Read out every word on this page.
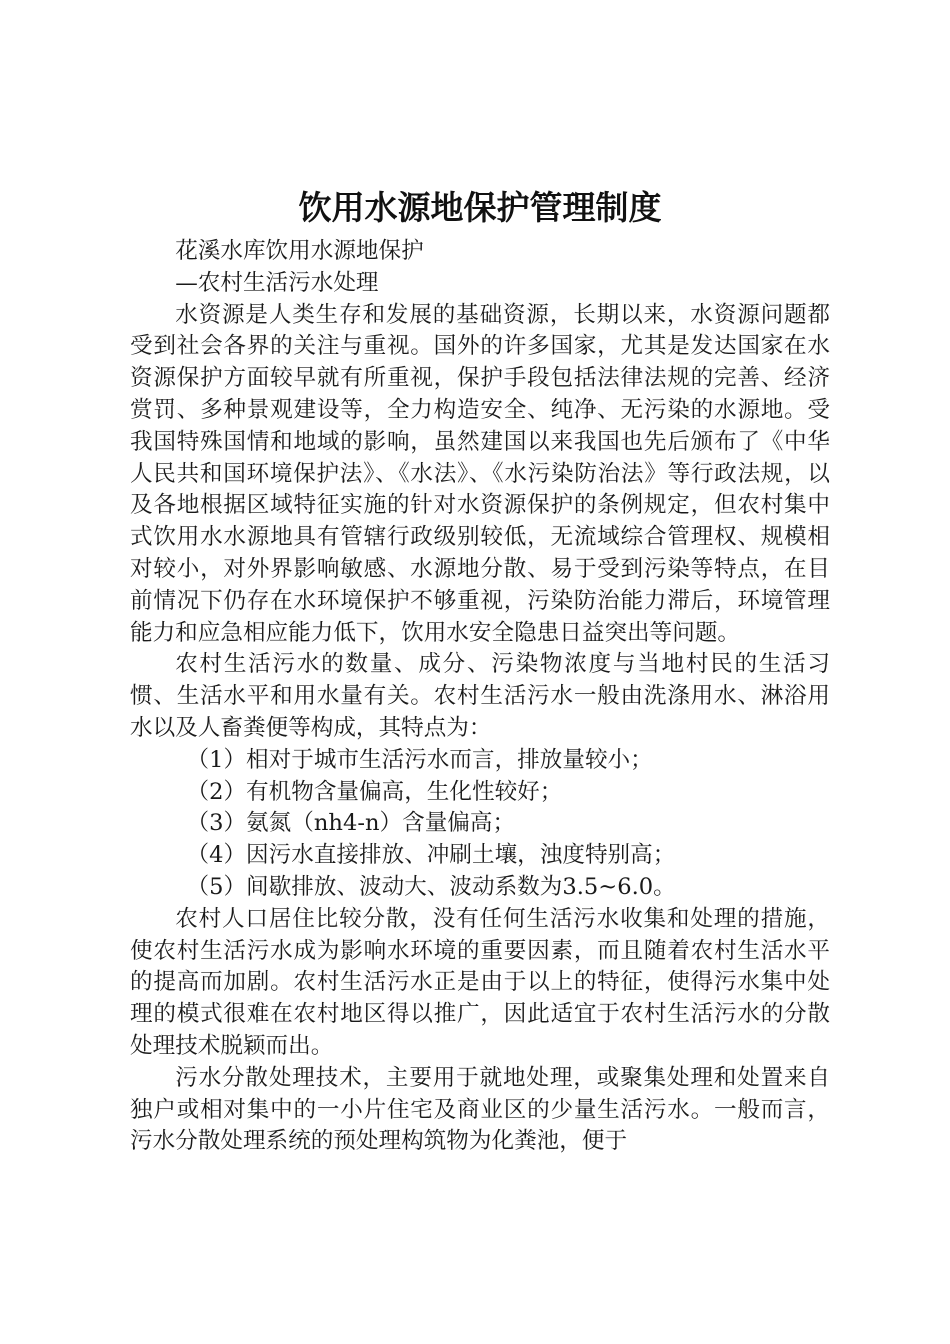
饮用水源地保护管理制度

花溪水库饮用水源地保护

—农村生活污水处理

水资源是人类生存和发展的基础资源，长期以来，水资源问题都受到社会各界的关注与重视。国外的许多国家，尤其是发达国家在水资源保护方面较早就有所重视，保护手段包括法律法规的完善、经济赏罚、多种景观建设等，全力构造安全、纯净、无污染的水源地。受我国特殊国情和地域的影响，虽然建国以来我国也先后颁布了《中华人民共和国环境保护法》、《水法》、《水污染防治法》等行政法规，以及各地根据区域特征实施的针对水资源保护的条例规定，但农村集中式饮用水水源地具有管辖行政级别较低，无流域综合管理权、规模相对较小，对外界影响敏感、水源地分散、易于受到污染等特点，在目前情况下仍存在水环境保护不够重视，污染防治能力滞后，环境管理能力和应急相应能力低下，饮用水安全隐患日益突出等问题。

农村生活污水的数量、成分、污染物浓度与当地村民的生活习惯、生活水平和用水量有关。农村生活污水一般由洗涤用水、淋浴用水以及人畜粪便等构成，其特点为：

（1）相对于城市生活污水而言，排放量较小；

（2）有机物含量偏高，生化性较好；

（3）氨氮（nh4-n）含量偏高；

（4）因污水直接排放、冲刷土壤，浊度特别高；

（5）间歇排放、波动大、波动系数为3.5~6.0。

农村人口居住比较分散，没有任何生活污水收集和处理的措施，使农村生活污水成为影响水环境的重要因素，而且随着农村生活水平的提高而加剧。农村生活污水正是由于以上的特征，使得污水集中处理的模式很难在农村地区得以推广，因此适宜于农村生活污水的分散处理技术脱颖而出。

污水分散处理技术，主要用于就地处理，或聚集处理和处置来自独户或相对集中的一小片住宅及商业区的少量生活污水。一般而言，污水分散处理系统的预处理构筑物为化粪池，便于
